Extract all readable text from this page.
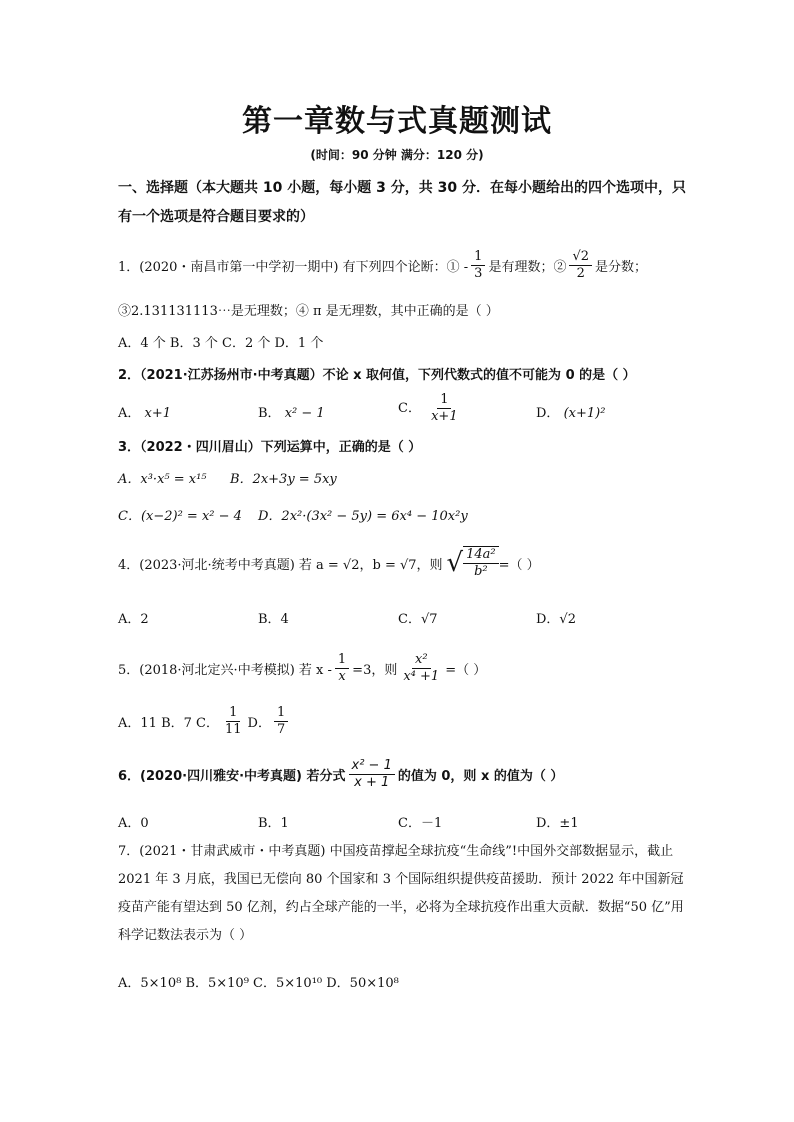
第一章数与式真题测试
(时间：90 分钟 满分：120 分)
一、选择题（本大题共 10 小题，每小题 3 分，共 30 分．在每小题给出的四个选项中，只有一个选项是符合题目要求的）
1．(2020・南昌市第一中学初一期中) 有下列四个论断：① - $\frac{1}{3}$ 是有理数；② $\frac{√2}{2}$ 是分数；
③2.131131113⋯是无理数；④ π 是无理数，其中正确的是（ ）
A．4 个 B．3 个 C．2 个 D．1 个
2．（2021·江苏扬州市·中考真题）不论 x 取何值，下列代数式的值不可能为 0 的是（ ）
A． x+1	B． x² − 1	C． $\frac{1}{x+1}$	D． (x+1)²
3．（2022・四川眉山）下列运算中，正确的是（ ）
A．x³·x⁵ = x¹⁵ B．2x+3y = 5xy
C．(x−2)² = x² − 4 D．2x²·(3x² − 5y) = 6x⁴ − 10x²y
4．(2023·河北·统考中考真题) 若 a = √2，b = √7，则 √ $\frac{\text{14a²}}{\text{b²}}$ =（ ）
A．2	B．4	C．√7	D．√2
5．(2018·河北定兴·中考模拟) 若 $x - \frac{1}{x} =3$，则 $\frac{\text{x²}}{\text{x⁴ +1}}$ =（ ）
A．11 B．7 C． $\frac{1}{11}$ D． $\frac{1}{7}$
6．(2020·四川雅安·中考真题) 若分式 $\frac{\text{x² − 1}}{x + 1}$ 的值为 0，则 x 的值为（ ）
A．0	B．1	C．－1	D．±1
7．(2021・甘肃武威市・中考真题) 中国疫苗撑起全球抗疫“生命线”!中国外交部数据显示，截止 2021 年 3 月底，我国已无偿向 80 个国家和 3 个国际组织提供疫苗援助．预计 2022 年中国新冠疫苗产能有望达到 50 亿剂，约占全球产能的一半，必将为全球抗疫作出重大贡献．数据“50 亿”用科学记数法表示为（ ）
A．5×10⁸ B．5×10⁹ C．5×10¹⁰ D．50×10⁸
